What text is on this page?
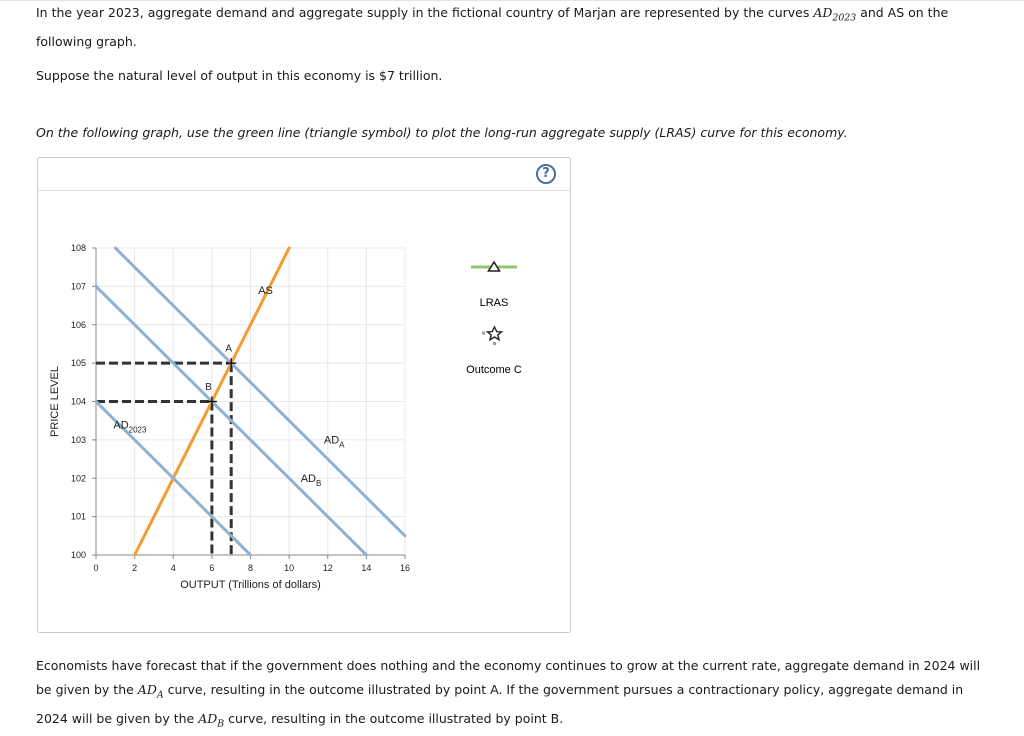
In the year 2023, aggregate demand and aggregate supply in the fictional country of Marjan are represented by the curves $AD_{2023}$ and AS on the following graph.
Suppose the natural level of output in this economy is $7 trillion.
On the following graph, use the green line (triangle symbol) to plot the long-run aggregate supply (LRAS) curve for this economy.
?
100
101
102
103
104
105
106
107
108
0	2	4	6	8	10	12	14	16
OUTPUT (Trillions of dollars)
PRICE LEVEL
A
B
AS
$AD_{2023}$
$AD_A$
$AD_B$
LRAS
Outcome C
Economists have forecast that if the government does nothing and the economy continues to grow at the current rate, aggregate demand in 2024 will be given by the $AD_A$ curve, resulting in the outcome illustrated by point A. If the government pursues a contractionary policy, aggregate demand in 2024 will be given by the $AD_B$ curve, resulting in the outcome illustrated by point B.
